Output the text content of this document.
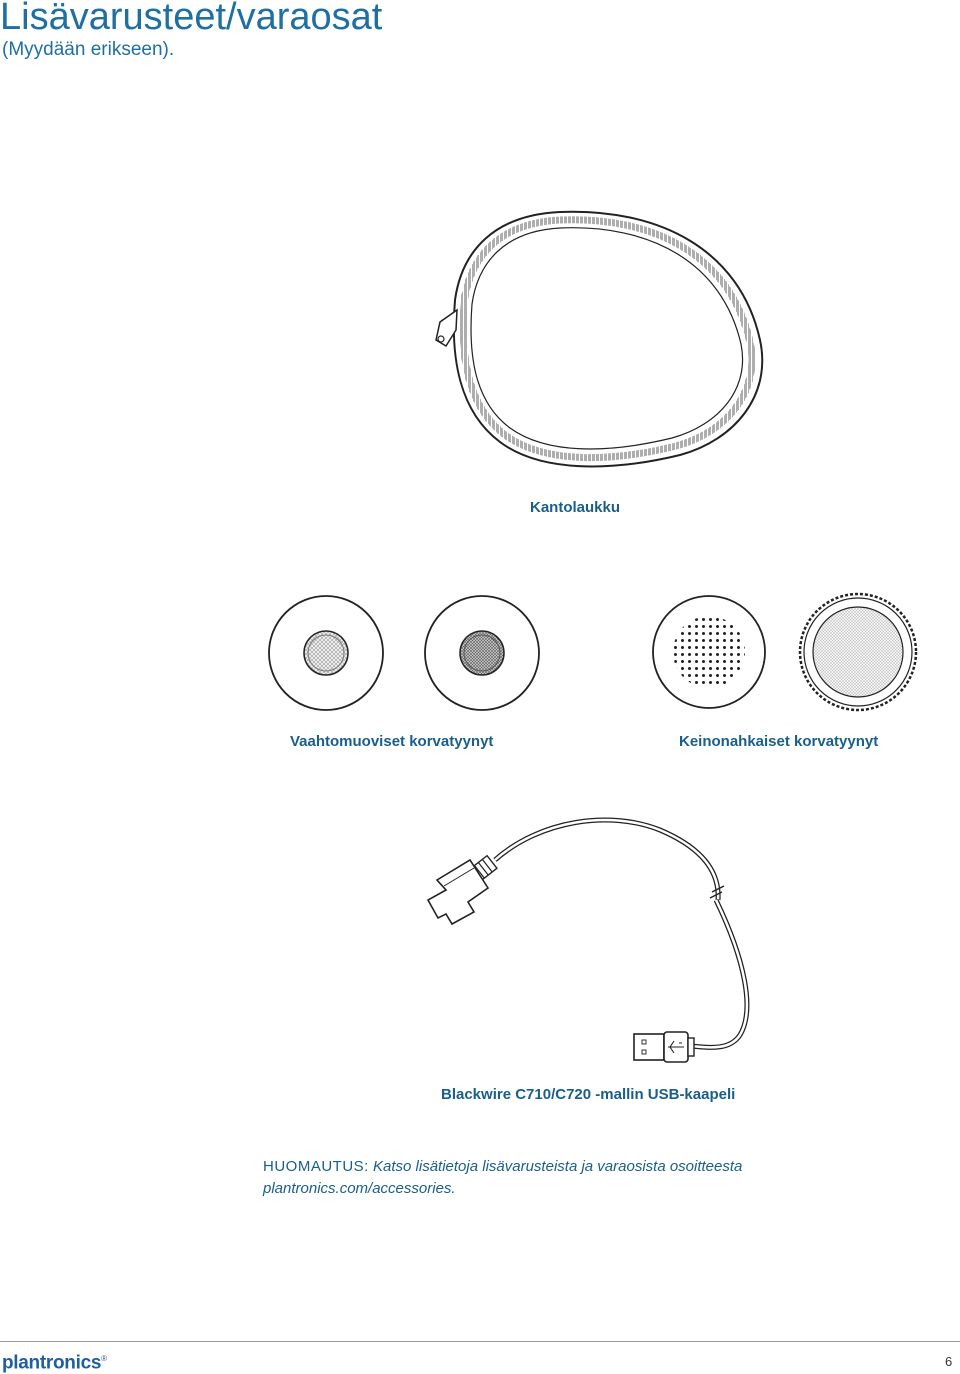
Lisävarusteet/varaosat
(Myydään erikseen).
Kantolaukku
Vaahtomuoviset korvatyynyt	Keinonahkaiset korvatyynyt
Blackwire C710/C720 -mallin USB-kaapeli
HUOMAUTUS: Katso lisätietoja lisävarusteista ja varaosista osoitteesta plantronics.com/accessories.
plantronics®	6
